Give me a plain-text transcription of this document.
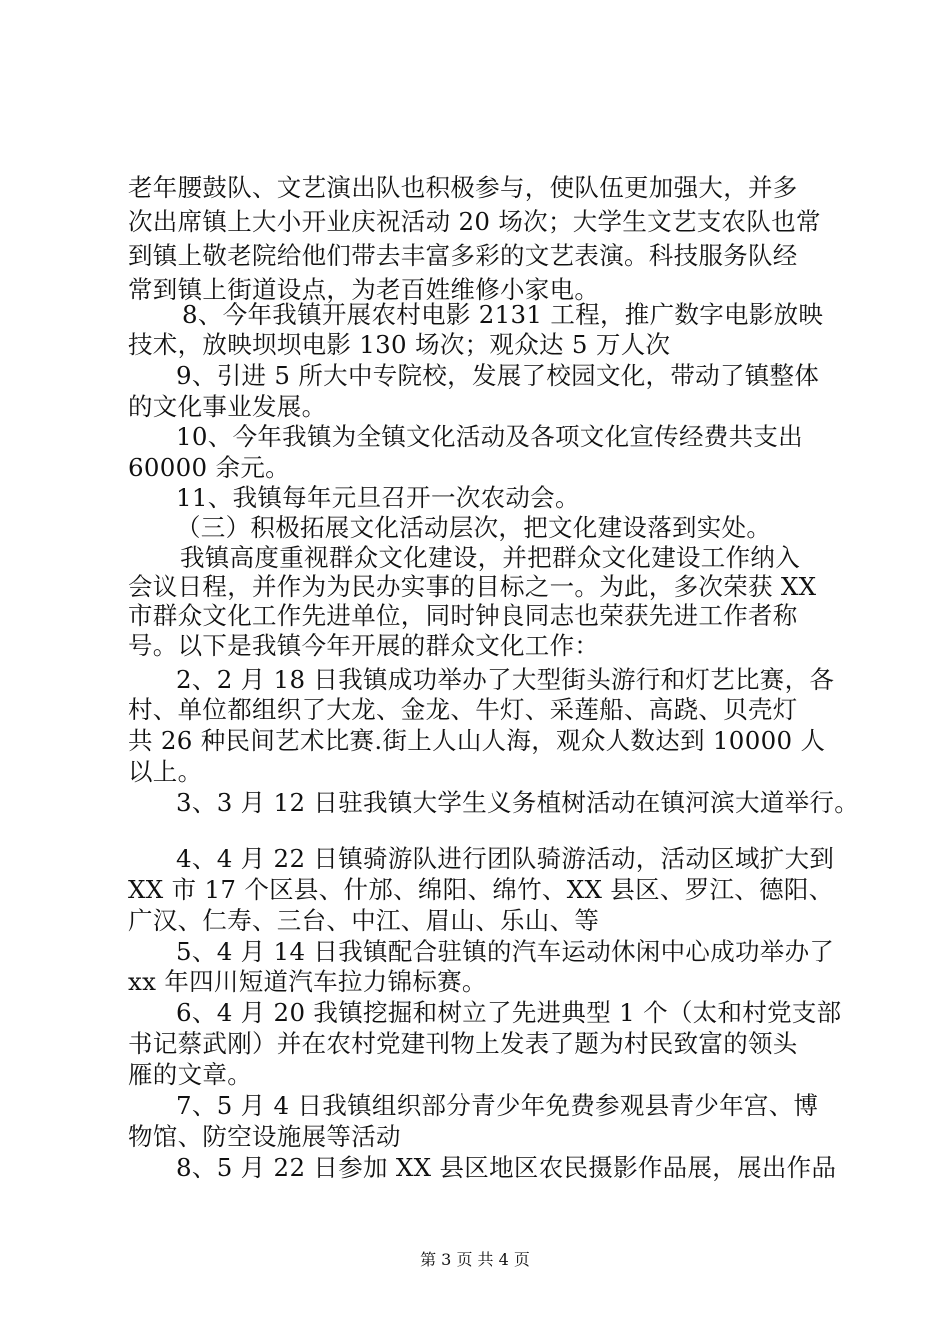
老年腰鼓队、文艺演出队也积极参与，使队伍更加强大，并多
次出席镇上大小开业庆祝活动 20 场次；大学生文艺支农队也常
到镇上敬老院给他们带去丰富多彩的文艺表演。科技服务队经
常到镇上街道设点，为老百姓维修小家电。
8、今年我镇开展农村电影 2131 工程，推广数字电影放映
技术，放映坝坝电影 130 场次；观众达 5 万人次
9、引进 5 所大中专院校，发展了校园文化，带动了镇整体
的文化事业发展。
10、今年我镇为全镇文化活动及各项文化宣传经费共支出
60000 余元。
11、我镇每年元旦召开一次农动会。
（三）积极拓展文化活动层次，把文化建设落到实处。
我镇高度重视群众文化建设，并把群众文化建设工作纳入
会议日程，并作为为民办实事的目标之一。为此，多次荣获 XX
市群众文化工作先进单位，同时钟良同志也荣获先进工作者称
号。以下是我镇今年开展的群众文化工作：
2、2 月 18 日我镇成功举办了大型街头游行和灯艺比赛，各
村、单位都组织了大龙、金龙、牛灯、采莲船、高跷、贝壳灯
共 26 种民间艺术比赛.街上人山人海，观众人数达到 10000 人
以上。
3、3 月 12 日驻我镇大学生义务植树活动在镇河滨大道举行。
4、4 月 22 日镇骑游队进行团队骑游活动，活动区域扩大到
XX 市 17 个区县、什邡、绵阳、绵竹、XX 县区、罗江、德阳、
广汉、仁寿、三台、中江、眉山、乐山、等
5、4 月 14 日我镇配合驻镇的汽车运动休闲中心成功举办了
xx 年四川短道汽车拉力锦标赛。
6、4 月 20 我镇挖掘和树立了先进典型 1 个（太和村党支部
书记蔡武刚）并在农村党建刊物上发表了题为村民致富的领头
雁的文章。
7、5 月 4 日我镇组织部分青少年免费参观县青少年宫、博
物馆、防空设施展等活动
8、5 月 22 日参加 XX 县区地区农民摄影作品展，展出作品
第 3 页 共 4 页
